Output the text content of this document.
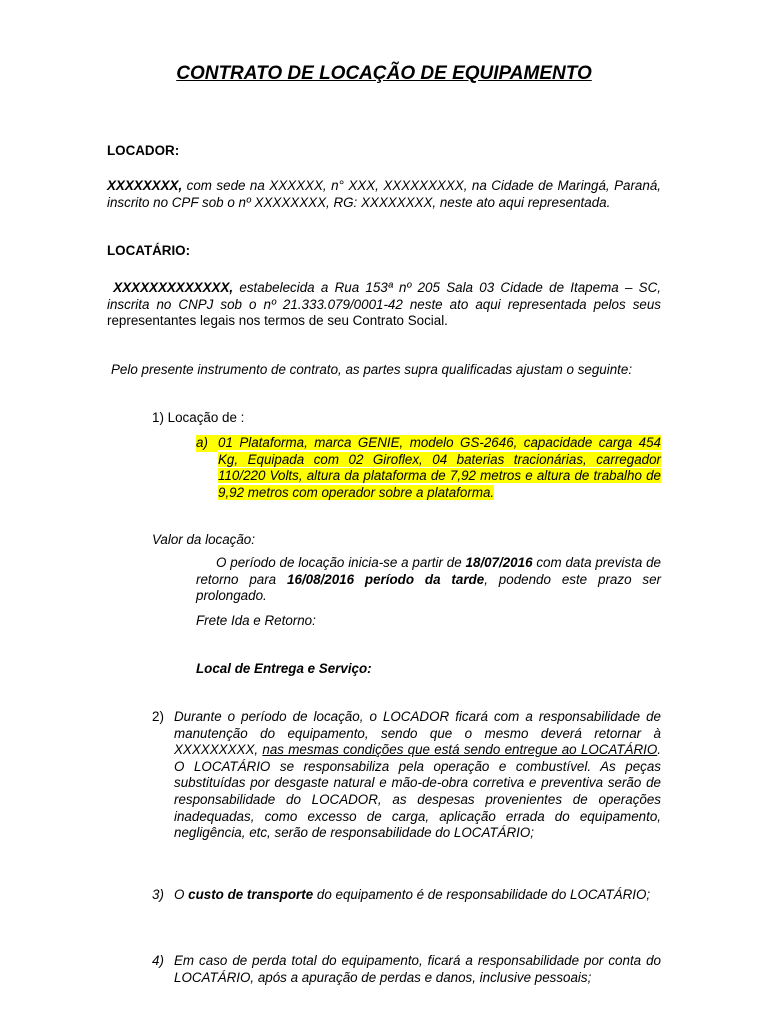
CONTRATO DE LOCAÇÃO DE EQUIPAMENTO
LOCADOR:
XXXXXXXX, com sede na XXXXXX, n° XXX, XXXXXXXXX, na Cidade de Maringá, Paraná, inscrito no CPF sob o nº XXXXXXXX, RG: XXXXXXXX, neste ato aqui representada.
LOCATÁRIO:
XXXXXXXXXXXXX, estabelecida a Rua 153ª nº 205 Sala 03 Cidade de Itapema – SC, inscrita no CNPJ sob o nº 21.333.079/0001-42 neste ato aqui representada pelos seus representantes legais nos termos de seu Contrato Social.
Pelo presente instrumento de contrato, as partes supra qualificadas ajustam o seguinte:
1) Locação de :
a) 01 Plataforma, marca GENIE, modelo GS-2646, capacidade carga 454 Kg, Equipada com 02 Giroflex, 04 baterias tracionárias, carregador 110/220 Volts, altura da plataforma de 7,92 metros e altura de trabalho de 9,92 metros com operador sobre a plataforma.
Valor da locação:
O período de locação inicia-se a partir de 18/07/2016 com data prevista de retorno para 16/08/2016 período da tarde, podendo este prazo ser prolongado.
Frete Ida e Retorno:
Local de Entrega e Serviço:
2) Durante o período de locação, o LOCADOR ficará com a responsabilidade de manutenção do equipamento, sendo que o mesmo deverá retornar à XXXXXXXXX, nas mesmas condições que está sendo entregue ao LOCATÁRIO. O LOCATÁRIO se responsabiliza pela operação e combustível. As peças substituídas por desgaste natural e mão-de-obra corretiva e preventiva serão de responsabilidade do LOCADOR, as despesas provenientes de operações inadequadas, como excesso de carga, aplicação errada do equipamento, negligência, etc, serão de responsabilidade do LOCATÁRIO;
3) O custo de transporte do equipamento é de responsabilidade do LOCATÁRIO;
4) Em caso de perda total do equipamento, ficará a responsabilidade por conta do LOCATÁRIO, após a apuração de perdas e danos, inclusive pessoais;
